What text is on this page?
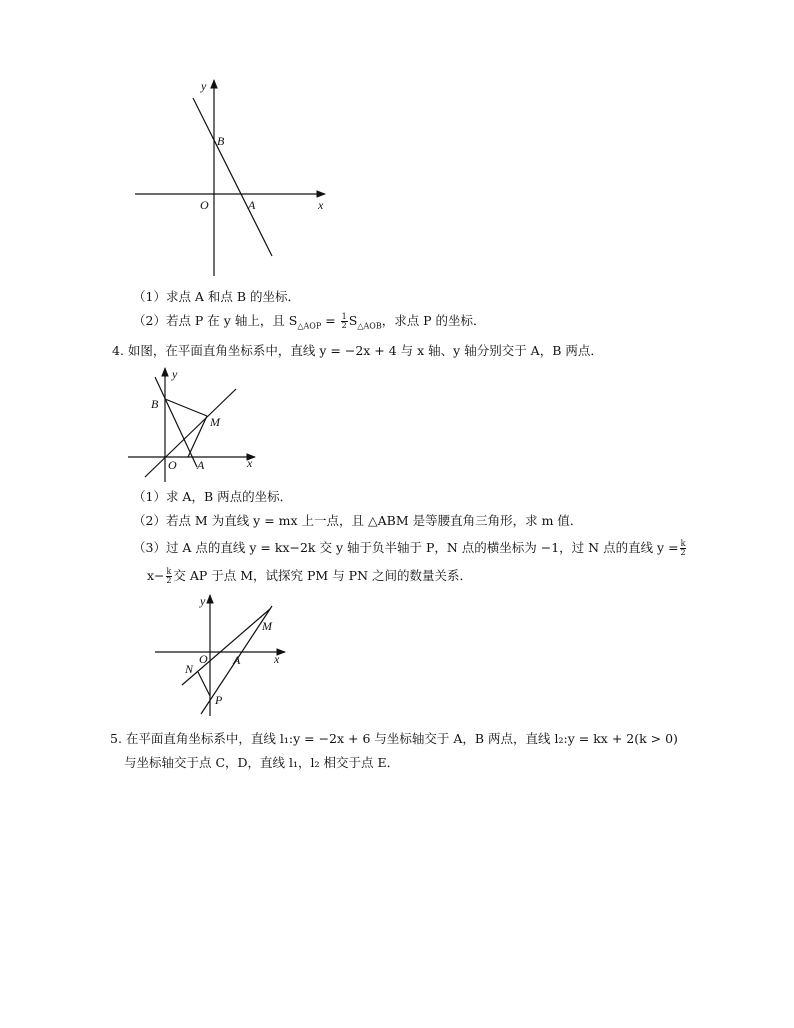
y
x
O	A
B
（1）求点 A 和点 B 的坐标．
（2）若点 P 在 y 轴上，且 $S_{\triangle AOP} = \frac{1}{2} S_{\triangle AOB}$，求点 P 的坐标．
4. 如图，在平面直角坐标系中，直线 y = −2x + 4 与 x 轴、y 轴分别交于 A，B 两点．
y
x
O A
B
M
（1）求 A，B 两点的坐标．
（2）若点 M 为直线 y = mx 上一点，且 △ABM 是等腰直角三角形，求 m 值．
（3）过 A 点的直线 y = kx−2k 交 y 轴于负半轴于 P，N 点的横坐标为 −1，过 N 点的直线 $y = \frac{k}{2}$
$x- \frac{k}{2}$ 交 AP 于点 M，试探究 PM 与 PN 之间的数量关系．
y
x
O A
M
N
P
5. 在平面直角坐标系中，直线 l₁:y = −2x + 6 与坐标轴交于 A，B 两点，直线 l₂:y = kx + 2(k > 0)
与坐标轴交于点 C，D，直线 l₁，l₂ 相交于点 E．
